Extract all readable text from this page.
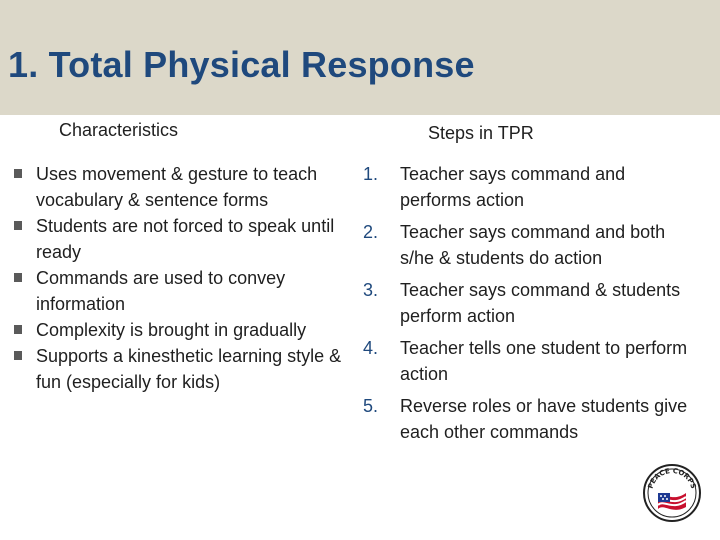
1. Total Physical Response
Characteristics	Steps in TPR
Uses movement & gesture to teach vocabulary & sentence forms
Students are not forced to speak until ready
Commands are used to convey information
Complexity is brought in gradually
Supports a kinesthetic learning style & fun (especially for kids)
1. Teacher says command and performs action
2. Teacher says command and both s/he & students do action
3. Teacher says command & students perform action
4. Teacher tells one student to perform action
5. Reverse roles or have students give each other commands
PEACE CORPS
